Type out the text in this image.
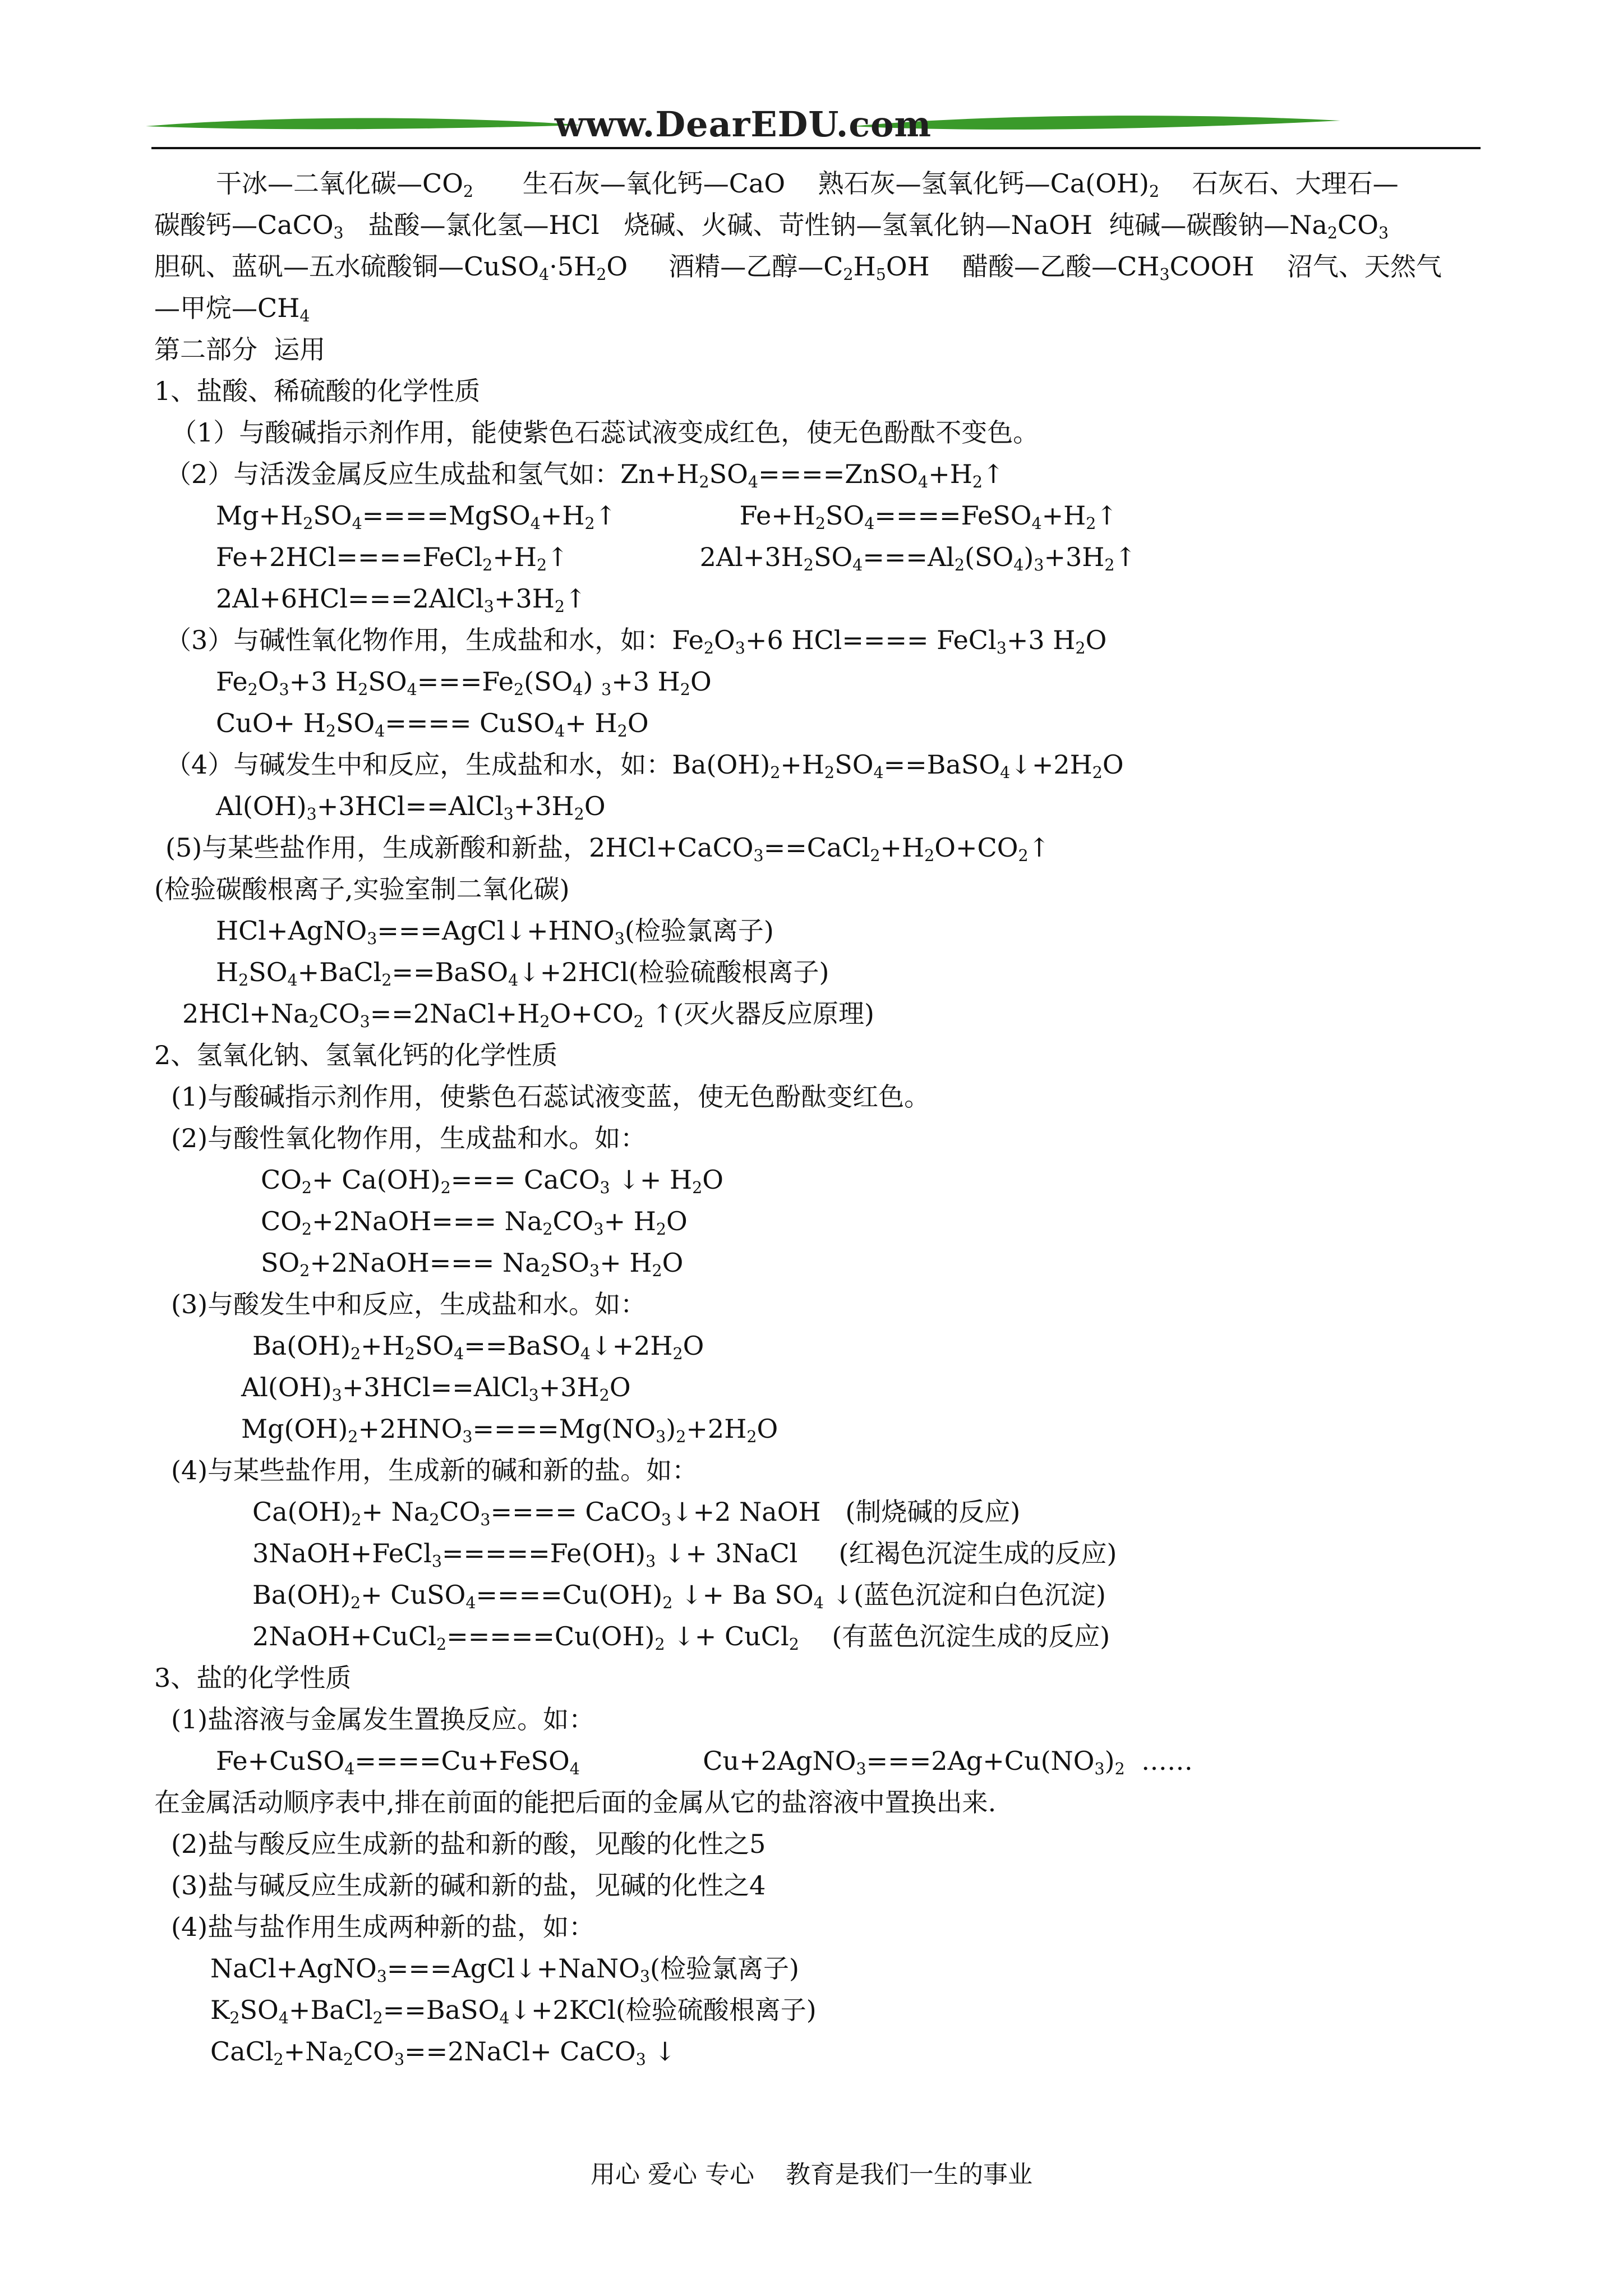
www.DearEDU.com
干冰—二氧化碳$—CO_2$      生石灰—氧化钙—CaO    熟石灰—氢氧化钙$—Ca(OH)_2$    石灰石、大理石—
碳酸钙—CaCO$_3$   盐酸—氯化氢—HCl   烧碱、火碱、苛性钠—氢氧化钠—NaOH  纯碱—碳酸钠$—Na_2CO_3$
胆矾、蓝矾—五水硫酸铜$—CuSO_4\cdot 5H_2O$     酒精—乙醇$—C_2H_5OH$    醋酸—乙酸$—CH_3COOH$    沼气、天然气
—甲烷$—CH_4$
第二部分  运用
1、盐酸、稀硫酸的化学性质
（1）与酸碱指示剂作用，能使紫色石蕊试液变成红色，使无色酚酞不变色。
（2）与活泼金属反应生成盐和氢气如：$Zn+H_2SO_4====ZnSO_4+H_2↑$
$Mg+H_2SO_4====MgSO_4+H_2↑$               $Fe+H_2SO_4====FeSO_4+H_2↑$
$Fe+2HCl====FeCl_2+H_2↑$                $2Al+3H_2SO_4===Al_2(SO_4)_3+3H_2↑$
$2Al+6HCl===2AlCl_3+3H_2↑$
（3）与碱性氧化物作用，生成盐和水，如：$Fe_2O_3+6$ HCl==== FeCl$_3$+3 $H_2O$
$Fe_2O_3+3$ $H_2SO_4===Fe_2(SO_4)$ $_3$+3 $H_2O$
$CuO+ H_2SO_4====$ CuSO$_4$+ $H_2O$
（4）与碱发生中和反应，生成盐和水，如：$Ba(OH)_2+H_2SO_4==BaSO_4↓+2H_2O$
$Al(OH)_3+3HCl==AlCl_3+3H_2O$
(5)与某些盐作用，生成新酸和新盐，$2HCl+CaCO_3==CaCl_2+H_2O+CO_2↑$
(检验碳酸根离子,实验室制二氧化碳)
$HCl+AgNO_3===AgCl↓+HNO_3$(检验氯离子)
$H_2SO_4+BaCl_2==BaSO_4↓+2HCl$(检验硫酸根离子)
$2HCl+Na_2CO_3==2NaCl+H_2O+CO_2$ ↑(灭火器反应原理)
2、氢氧化钠、氢氧化钙的化学性质
(1)与酸碱指示剂作用，使紫色石蕊试液变蓝，使无色酚酞变红色。
(2)与酸性氧化物作用，生成盐和水。如：
$CO_2+ Ca(OH)_2===$ CaCO$_3$ ↓+ $H_2O$
$CO_2+2NaOH=== Na_2CO_3+ H_2O$
$SO_2+2NaOH=== Na_2SO_3+ H_2O$
(3)与酸发生中和反应，生成盐和水。如：
$Ba(OH)_2+H_2SO_4==BaSO_4↓+2H_2O$
$Al(OH)_3+3HCl==AlCl_3+3H_2O$
$Mg(OH)_2+2HNO_3====Mg(NO_3)_2+2H_2O$
(4)与某些盐作用，生成新的碱和新的盐。如：
$Ca(OH)_2+ Na_2CO_3====$ CaCO$_3$↓+2 NaOH   (制烧碱的反应)
$3NaOH+FeCl_3=====Fe(OH)_3$ ↓+ 3NaCl     (红褐色沉淀生成的反应)
$Ba(OH)_2+$ $CuSO_4====Cu(OH)_2$ ↓+ Ba $SO_4$ ↓(蓝色沉淀和白色沉淀)
$2NaOH+CuCl_2=====Cu(OH)_2$ ↓+ CuCl$_2$    (有蓝色沉淀生成的反应)
3、盐的化学性质
(1)盐溶液与金属发生置换反应。如：
Fe+CuSO$_4$====Cu+FeSO$_4$               $Cu+2AgNO_3===2Ag+Cu(NO_3)_2$  ……
在金属活动顺序表中,排在前面的能把后面的金属从它的盐溶液中置换出来.
(2)盐与酸反应生成新的盐和新的酸，见酸的化性之5
(3)盐与碱反应生成新的碱和新的盐，见碱的化性之4
(4)盐与盐作用生成两种新的盐，如：
NaCl+AgNO$_3$===AgCl↓+NaNO$_3$(检验氯离子)
$K_2SO_4+BaCl_2==BaSO_4↓+2KCl$(检验硫酸根离子)
$CaCl_2+Na_2CO_3==2NaCl+$ CaCO$_3$ ↓
用心 爱心 专心    教育是我们一生的事业
